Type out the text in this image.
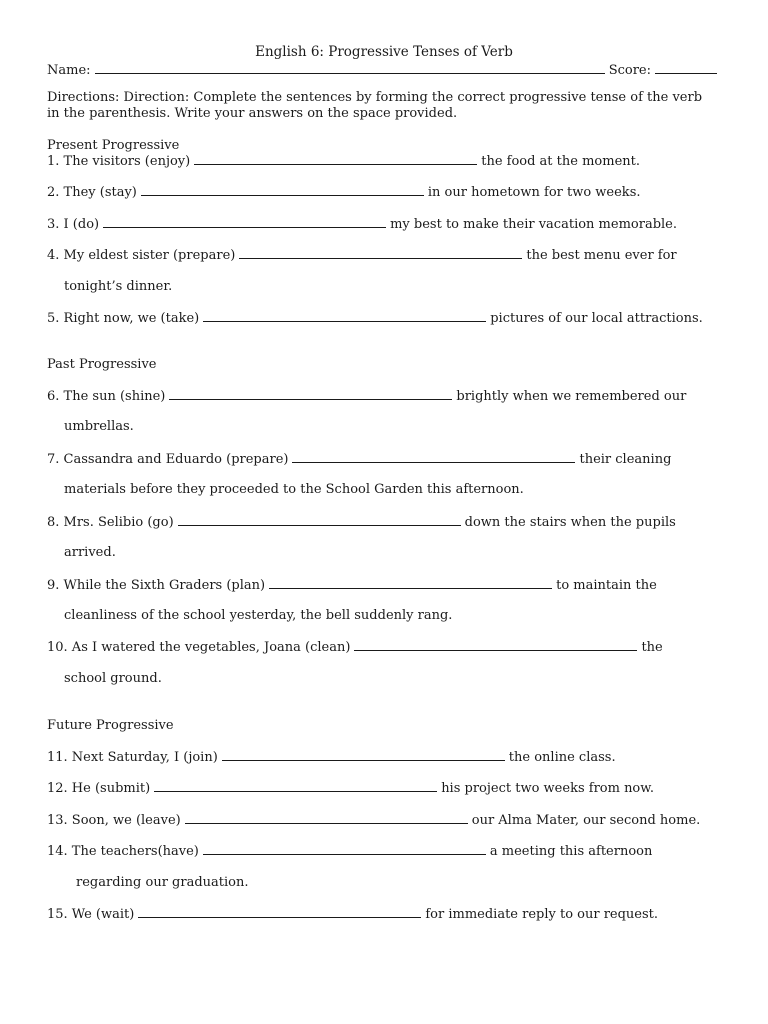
English 6: Progressive Tenses of Verb
Name:	Score:
Directions: Direction: Complete the sentences by forming the correct progressive tense of the verb in the parenthesis. Write your answers on the space provided.
Present Progressive
1. The visitors (enjoy)	the food at the moment.
2. They (stay)	in our hometown for two weeks.
3. I (do)	my best to make their vacation memorable.
4. My eldest sister (prepare)	the best menu ever for
tonight’s dinner.
5. Right now, we (take)	pictures of our local attractions.
Past Progressive
6. The sun (shine)	brightly when we remembered our
umbrellas.
7. Cassandra and Eduardo (prepare)	their cleaning
materials before they proceeded to the School Garden this afternoon.
8. Mrs. Selibio (go)	down the stairs when the pupils
arrived.
9. While the Sixth Graders (plan)	to maintain the
cleanliness of the school yesterday, the bell suddenly rang.
10. As I watered the vegetables, Joana (clean)	the
school ground.
Future Progressive
11. Next Saturday, I (join)	the online class.
12. He (submit)	his project two weeks from now.
13. Soon, we (leave)	our Alma Mater, our second home.
14. The teachers(have)	a meeting this afternoon
regarding our graduation.
15. We (wait)	for immediate reply to our request.
